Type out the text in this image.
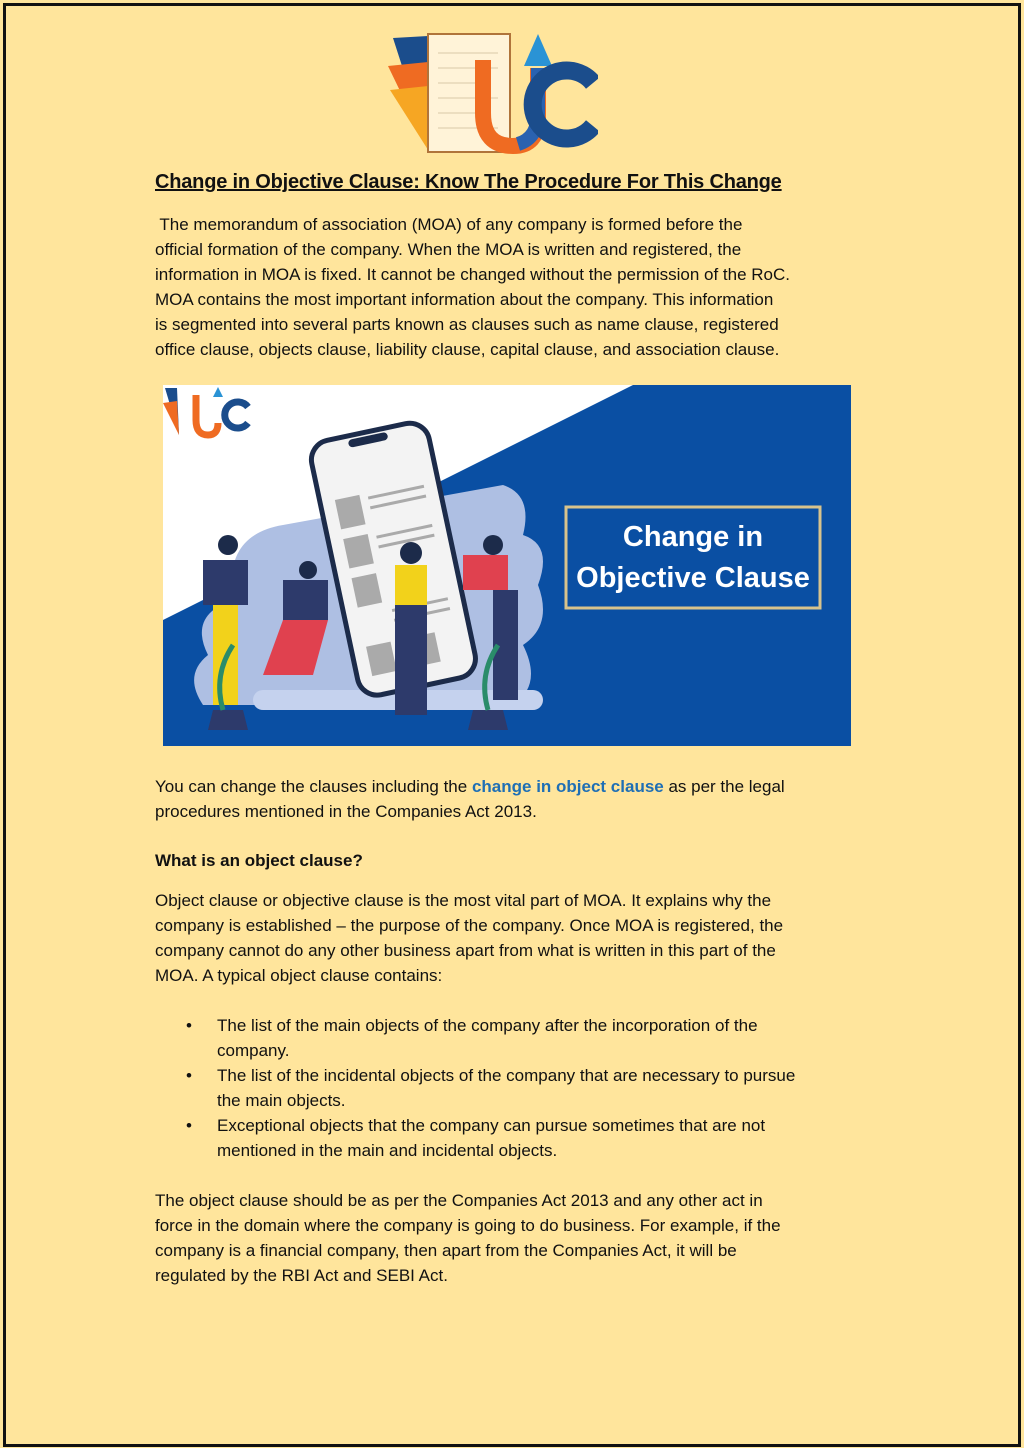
Change in Objective Clause: Know The Procedure For This Change
The memorandum of association (MOA) of any company is formed before the
official formation of the company. When the MOA is written and registered, the
information in MOA is fixed. It cannot be changed without the permission of the RoC.
MOA contains the most important information about the company. This information
is segmented into several parts known as clauses such as name clause, registered
office clause, objects clause, liability clause, capital clause, and association clause.
Change in
Objective Clause
You can change the clauses including the change in object clause as per the legal
procedures mentioned in the Companies Act 2013.
What is an object clause?
Object clause or objective clause is the most vital part of MOA. It explains why the
company is established – the purpose of the company. Once MOA is registered, the
company cannot do any other business apart from what is written in this part of the
MOA. A typical object clause contains:
• The list of the main objects of the company after the incorporation of the
company.
• The list of the incidental objects of the company that are necessary to pursue
the main objects.
• Exceptional objects that the company can pursue sometimes that are not
mentioned in the main and incidental objects.
The object clause should be as per the Companies Act 2013 and any other act in
force in the domain where the company is going to do business. For example, if the
company is a financial company, then apart from the Companies Act, it will be
regulated by the RBI Act and SEBI Act.
